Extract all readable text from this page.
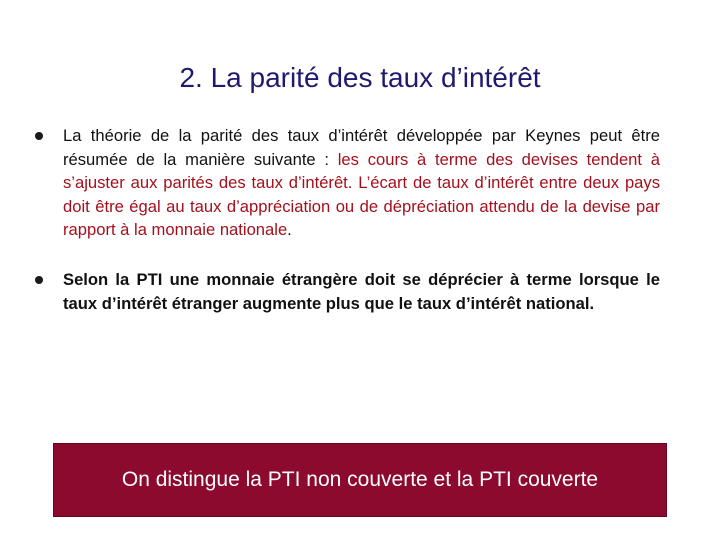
2. La parité des taux d’intérêt
La théorie de la parité des taux d’intérêt développée par Keynes peut être résumée de la manière suivante : les cours à terme des devises tendent à s’ajuster aux parités des taux d’intérêt. L’écart de taux d’intérêt entre deux pays doit être égal au taux d’appréciation ou de dépréciation attendu de la devise par rapport à la monnaie nationale.
Selon la PTI une monnaie étrangère doit se déprécier à terme lorsque le taux d’intérêt étranger augmente plus que le taux d’intérêt national.
On distingue la PTI non couverte et la PTI couverte
